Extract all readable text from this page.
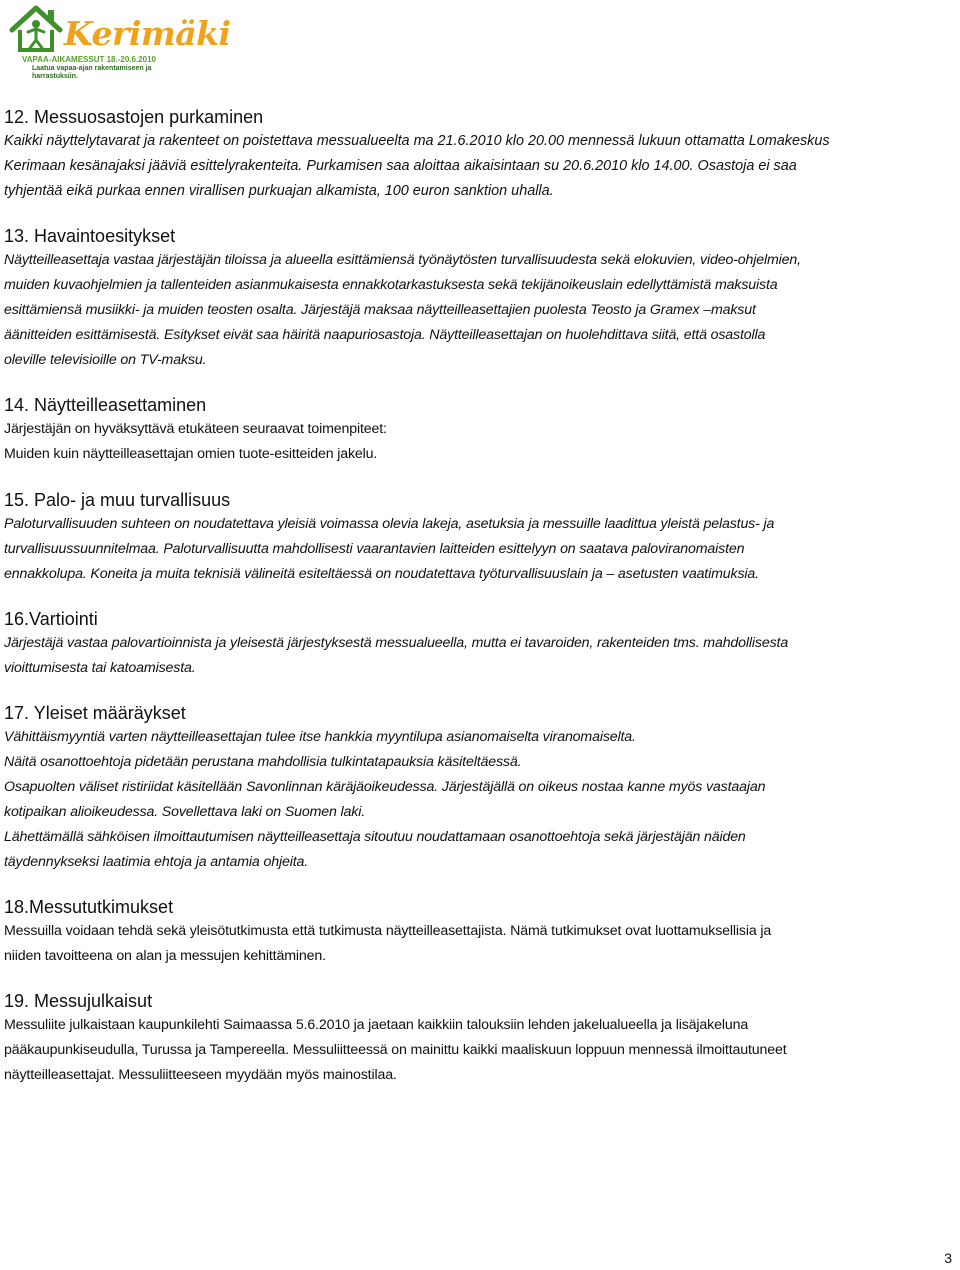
Kerimäki
VAPAA-AIKAMESSUT 18.-20.6.2010
Laatua vapaa-ajan rakentamiseen ja harrastuksiin.
12. Messuosastojen purkaminen
Kaikki näyttelytavarat ja rakenteet on poistettava messualueelta ma 21.6.2010 klo 20.00 mennessä lukuun ottamatta Lomakeskus
Kerimaan kesänajaksi jääviä esittelyrakenteita. Purkamisen saa aloittaa aikaisintaan su 20.6.2010 klo 14.00. Osastoja ei saa
tyhjentää eikä purkaa ennen virallisen purkuajan alkamista, 100 euron sanktion uhalla.
13. Havaintoesitykset
Näytteilleasettaja vastaa järjestäjän tiloissa ja alueella esittämiensä työnäytösten turvallisuudesta sekä elokuvien, video-ohjelmien,
muiden kuvaohjelmien ja tallenteiden asianmukaisesta ennakkotarkastuksesta sekä tekijänoikeuslain edellyttämistä maksuista
esittämiensä musiikki- ja muiden teosten osalta. Järjestäjä maksaa näytteilleasettajien puolesta Teosto ja Gramex –maksut
äänitteiden esittämisestä. Esitykset eivät saa häiritä naapuriosastoja. Näytteilleasettajan on huolehdittava siitä, että osastolla
oleville televisioille on TV-maksu.
14. Näytteilleasettaminen
Järjestäjän on hyväksyttävä etukäteen seuraavat toimenpiteet:
Muiden kuin näytteilleasettajan omien tuote-esitteiden jakelu.
15. Palo- ja muu turvallisuus
Paloturvallisuuden suhteen on noudatettava yleisiä voimassa olevia lakeja, asetuksia ja messuille laadittua yleistä pelastus- ja
turvallisuussuunnitelmaa. Paloturvallisuutta mahdollisesti vaarantavien laitteiden esittelyyn on saatava paloviranomaisten
ennakkolupa. Koneita ja muita teknisiä välineitä esiteltäessä on noudatettava työturvallisuuslain ja – asetusten vaatimuksia.
16.Vartiointi
Järjestäjä vastaa palovartioinnista ja yleisestä järjestyksestä messualueella, mutta ei tavaroiden, rakenteiden tms. mahdollisesta
vioittumisesta tai katoamisesta.
17. Yleiset määräykset
Vähittäismyyntiä varten näytteilleasettajan tulee itse hankkia myyntilupa asianomaiselta viranomaiselta.
Näitä osanottoehtoja pidetään perustana mahdollisia tulkintatapauksia käsiteltäessä.
Osapuolten väliset ristiriidat käsitellään Savonlinnan käräjäoikeudessa. Järjestäjällä on oikeus nostaa kanne myös vastaajan
kotipaikan alioikeudessa. Sovellettava laki on Suomen laki.
Lähettämällä sähköisen ilmoittautumisen näytteilleasettaja sitoutuu noudattamaan osanottoehtoja sekä järjestäjän näiden
täydennykseksi laatimia ehtoja ja antamia ohjeita.
18.Messututkimukset
Messuilla voidaan tehdä sekä yleisötutkimusta että tutkimusta näytteilleasettajista. Nämä tutkimukset ovat luottamuksellisia ja
niiden tavoitteena on alan ja messujen kehittäminen.
19. Messujulkaisut
Messuliite julkaistaan kaupunkilehti Saimaassa 5.6.2010 ja jaetaan kaikkiin talouksiin lehden jakelualueella ja lisäjakeluna
pääkaupunkiseudulla, Turussa ja Tampereella. Messuliitteessä on mainittu kaikki maaliskuun loppuun mennessä ilmoittautuneet
näytteilleasettajat. Messuliitteeseen myydään myös mainostilaa.
3
